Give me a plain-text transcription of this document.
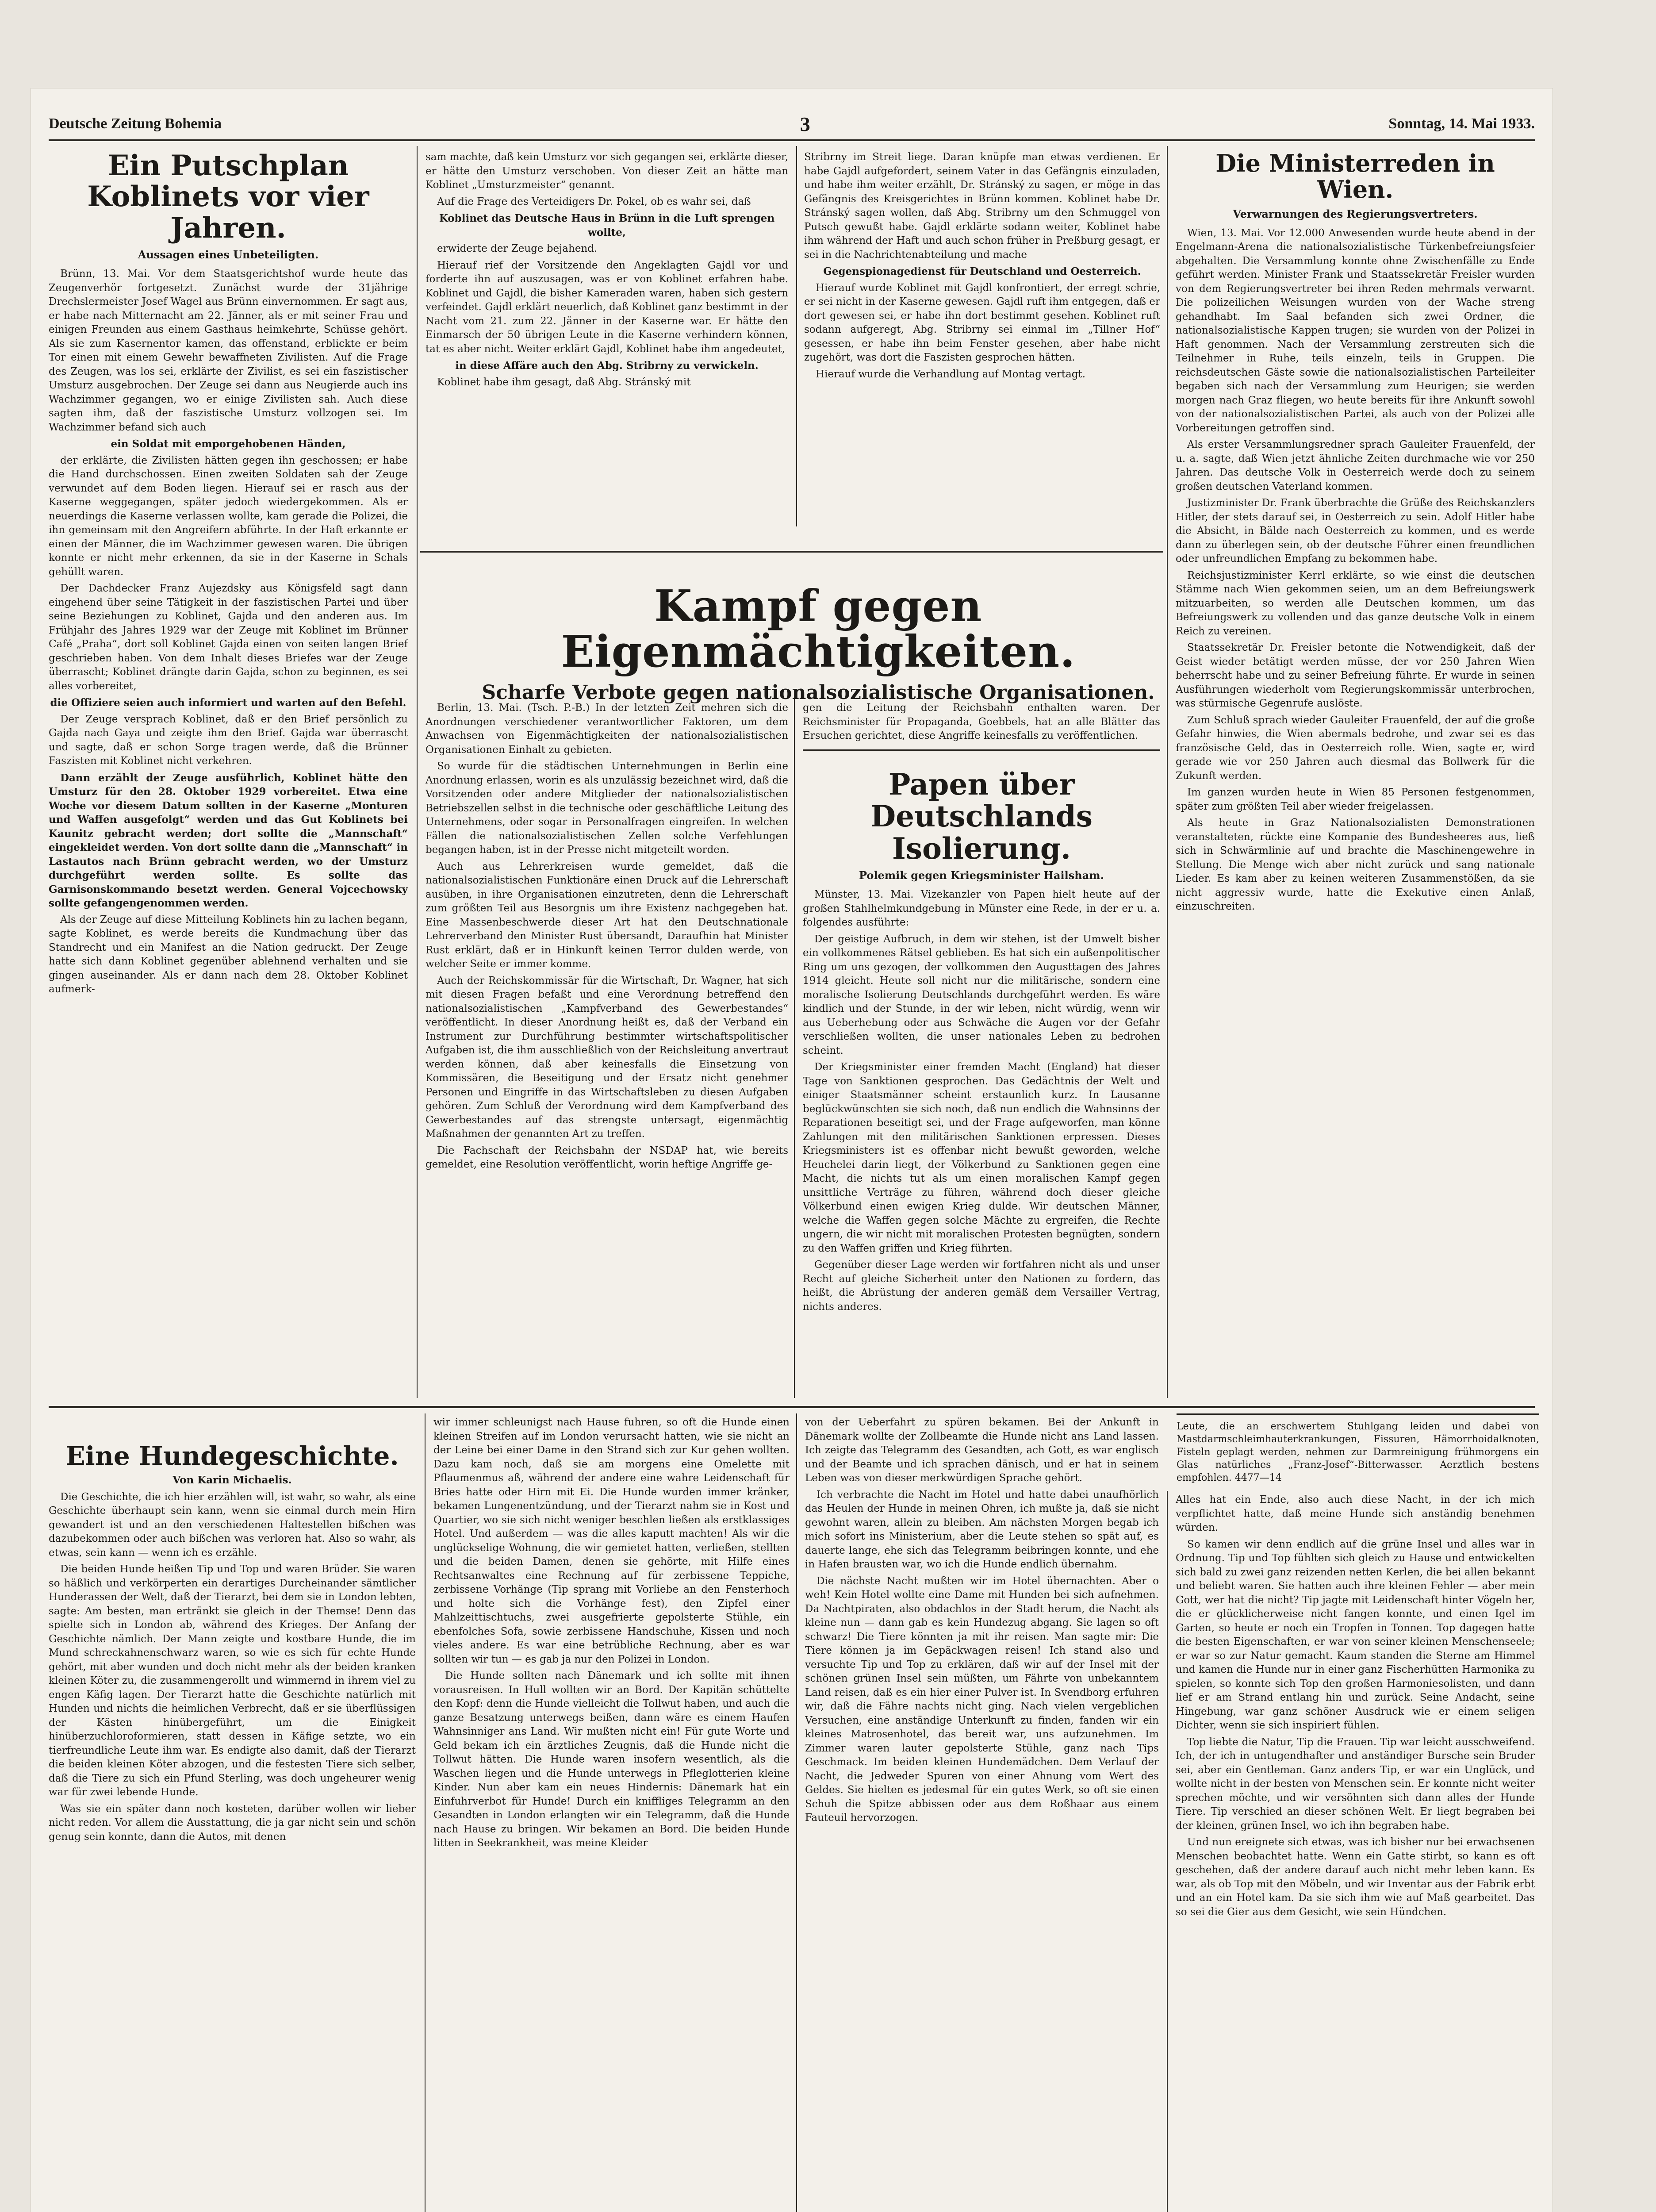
Deutsche Zeitung Bohemia	3	Sonntag, 14. Mai 1933.
Ein Putschplan Koblinets vor vier Jahren.
Aussagen eines Unbeteiligten.

Brünn, 13. Mai. Vor dem Staatsgerichtshof wurde heute das Zeugenverhör fortgesetzt. Zunächst wurde der 31jährige Drechslermeister Josef Wagel aus Brünn einvernommen. Er sagt aus, er habe nach Mitternacht am 22. Jänner, als er mit seiner Frau und einigen Freunden aus einem Gasthaus heimkehrte, Schüsse gehört. Als sie zum Kasernentor kamen, das offenstand, erblickte er beim Tor einen mit einem Gewehr bewaffneten Zivilisten. Auf die Frage des Zeugen, was los sei, erklärte der Zivilist, es sei ein faszistischer Umsturz ausgebrochen. Der Zeuge sei dann aus Neugierde auch ins Wachzimmer gegangen, wo er einige Zivilisten sah. Auch diese sagten ihm, daß der faszistische Umsturz vollzogen sei. Im Wachzimmer befand sich auch

ein Soldat mit emporgehobenen Händen,

der erklärte, die Zivilisten hätten gegen ihn geschossen; er habe die Hand durchschossen. Einen zweiten Soldaten sah der Zeuge verwundet auf dem Boden liegen. Hierauf sei er rasch aus der Kaserne weggegangen, später jedoch wiedergekommen. Als er neuerdings die Kaserne verlassen wollte, kam gerade die Polizei, die ihn gemeinsam mit den Angreifern abführte. In der Haft erkannte er einen der Männer, die im Wachzimmer gewesen waren. Die übrigen konnte er nicht mehr erkennen, da sie in der Kaserne in Schals gehüllt waren.

Der Dachdecker Franz Aujezdsky aus Königsfeld sagt dann eingehend über seine Tätigkeit in der faszistischen Partei und über seine Beziehungen zu Koblinet, Gajda und den anderen aus. Im Frühjahr des Jahres 1929 war der Zeuge mit Koblinet im Brünner Café „Praha“, dort soll Koblinet Gajda einen von seiten langen Brief geschrieben haben. Von dem Inhalt dieses Briefes war der Zeuge überrascht; Koblinet drängte darin Gajda, schon zu beginnen, es sei alles vorbereitet,

die Offiziere seien auch informiert und warten auf den Befehl.

Der Zeuge versprach Koblinet, daß er den Brief persönlich zu Gajda nach Gaya und zeigte ihm den Brief. Gajda war überrascht und sagte, daß er schon Sorge tragen werde, daß die Brünner Faszisten mit Koblinet nicht verkehren.

Dann erzählt der Zeuge ausführlich, Koblinet hätte den Umsturz für den 28. Oktober 1929 vorbereitet. Etwa eine Woche vor diesem Datum sollten in der Kaserne „Monturen und Waffen ausgefolgt“ werden und das Gut Koblinets bei Kaunitz gebracht werden; dort sollte die „Mannschaft“ eingekleidet werden. Von dort sollte dann die „Mannschaft“ in Lastautos nach Brünn gebracht werden, wo der Umsturz durchgeführt werden sollte. Es sollte das Garnisonskommando besetzt werden. General Vojcechowsky sollte gefangengenommen werden.

Als der Zeuge auf diese Mitteilung Koblinets hin zu lachen begann, sagte Koblinet, es werde bereits die Kundmachung über das Standrecht und ein Manifest an die Nation gedruckt. Der Zeuge hatte sich dann Koblinet gegenüber ablehnend verhalten und sie gingen auseinander. Als er dann nach dem 28. Oktober Koblinet aufmerk-

sam machte, daß kein Umsturz vor sich gegangen sei, erklärte dieser, er hätte den Umsturz verschoben. Von dieser Zeit an hätte man Koblinet „Umsturzmeister“ genannt.

Auf die Frage des Verteidigers Dr. Pokel, ob es wahr sei, daß

Koblinet das Deutsche Haus in Brünn in die Luft sprengen wollte,

erwiderte der Zeuge bejahend.

Hierauf rief der Vorsitzende den Angeklagten Gajdl vor und forderte ihn auf auszusagen, was er von Koblinet erfahren habe. Koblinet und Gajdl, die bisher Kameraden waren, haben sich gestern verfeindet. Gajdl erklärt neuerlich, daß Koblinet ganz bestimmt in der Nacht vom 21. zum 22. Jänner in der Kaserne war. Er hätte den Einmarsch der 50 übrigen Leute in die Kaserne verhindern können, tat es aber nicht. Weiter erklärt Gajdl, Koblinet habe ihm angedeutet,

in diese Affäre auch den Abg. Stribrny zu verwickeln.

Koblinet habe ihm gesagt, daß Abg. Stránský mit

Stribrny im Streit liege. Daran knüpfe man etwas verdienen. Er habe Gajdl aufgefordert, seinem Vater in das Gefängnis einzuladen, und habe ihm weiter erzählt, Dr. Stránský zu sagen, er möge in das Gefängnis des Kreisgerichtes in Brünn kommen. Koblinet habe Dr. Stránský sagen wollen, daß Abg. Stribrny um den Schmuggel von Putsch gewußt habe. Gajdl erklärte sodann weiter, Koblinet habe ihm während der Haft und auch schon früher in Preßburg gesagt, er sei in die Nachrichtenabteilung und mache

Gegenspionagedienst für Deutschland und Oesterreich.

Hierauf wurde Koblinet mit Gajdl konfrontiert, der erregt schrie, er sei nicht in der Kaserne gewesen. Gajdl ruft ihm entgegen, daß er dort gewesen sei, er habe ihn dort bestimmt gesehen. Koblinet ruft sodann aufgeregt, Abg. Stribrny sei einmal im „Tillner Hof“ gesessen, er habe ihn beim Fenster gesehen, aber habe nicht zugehört, was dort die Faszisten gesprochen hätten.

Hierauf wurde die Verhandlung auf Montag vertagt.

Die Ministerreden in Wien.
Verwarnungen des Regierungsvertreters.

Wien, 13. Mai. Vor 12.000 Anwesenden wurde heute abend in der Engelmann-Arena die nationalsozialistische Türkenbefreiungsfeier abgehalten. Die Versammlung konnte ohne Zwischenfälle zu Ende geführt werden. Minister Frank und Staatssekretär Freisler wurden von dem Regierungsvertreter bei ihren Reden mehrmals verwarnt. Die polizeilichen Weisungen wurden von der Wache streng gehandhabt. Im Saal befanden sich zwei Ordner, die nationalsozialistische Kappen trugen; sie wurden von der Polizei in Haft genommen. Nach der Versammlung zerstreuten sich die Teilnehmer in Ruhe, teils einzeln, teils in Gruppen. Die reichsdeutschen Gäste sowie die nationalsozialistischen Parteileiter begaben sich nach der Versammlung zum Heurigen; sie werden morgen nach Graz fliegen, wo heute bereits für ihre Ankunft sowohl von der nationalsozialistischen Partei, als auch von der Polizei alle Vorbereitungen getroffen sind.

Als erster Versammlungsredner sprach Gauleiter Frauenfeld, der u. a. sagte, daß Wien jetzt ähnliche Zeiten durchmache wie vor 250 Jahren. Das deutsche Volk in Oesterreich werde doch zu seinem großen deutschen Vaterland kommen.

Justizminister Dr. Frank überbrachte die Grüße des Reichskanzlers Hitler, der stets darauf sei, in Oesterreich zu sein. Adolf Hitler habe die Absicht, in Bälde nach Oesterreich zu kommen, und es werde dann zu überlegen sein, ob der deutsche Führer einen freundlichen oder unfreundlichen Empfang zu bekommen habe.

Reichsjustizminister Kerrl erklärte, so wie einst die deutschen Stämme nach Wien gekommen seien, um an dem Befreiungswerk mitzuarbeiten, so werden alle Deutschen kommen, um das Befreiungswerk zu vollenden und das ganze deutsche Volk in einem Reich zu vereinen.

Staatssekretär Dr. Freisler betonte die Notwendigkeit, daß der Geist wieder betätigt werden müsse, der vor 250 Jahren Wien beherrscht habe und zu seiner Befreiung führte. Er wurde in seinen Ausführungen wiederholt vom Regierungskommissär unterbrochen, was stürmische Gegenrufe auslöste.

Zum Schluß sprach wieder Gauleiter Frauenfeld, der auf die große Gefahr hinwies, die Wien abermals bedrohe, und zwar sei es das französische Geld, das in Oesterreich rolle. Wien, sagte er, wird gerade wie vor 250 Jahren auch diesmal das Bollwerk für die Zukunft werden.

Im ganzen wurden heute in Wien 85 Personen festgenommen, später zum größten Teil aber wieder freigelassen.

Als heute in Graz Nationalsozialisten Demonstrationen veranstalteten, rückte eine Kompanie des Bundesheeres aus, ließ sich in Schwärmlinie auf und brachte die Maschinengewehre in Stellung. Die Menge wich aber nicht zurück und sang nationale Lieder. Es kam aber zu keinen weiteren Zusammenstößen, da sie nicht aggressiv wurde, hatte die Exekutive einen Anlaß, einzuschreiten.

Leute, die an erschwertem Stuhlgang leiden und dabei von Mastdarmschleimhauterkrankungen, Fissuren, Hämorrhoidalknoten, Fisteln geplagt werden, nehmen zur Darmreinigung frühmorgens ein Glas natürliches „Franz-Josef“-Bitterwasser. Aerztlich bestens empfohlen. 4477—14
Kampf gegen Eigenmächtigkeiten.
Scharfe Verbote gegen nationalsozialistische Organisationen.

Berlin, 13. Mai. (Tsch. P.-B.) In der letzten Zeit mehren sich die Anordnungen verschiedener verantwortlicher Faktoren, um dem Anwachsen von Eigenmächtigkeiten der nationalsozialistischen Organisationen Einhalt zu gebieten.

So wurde für die städtischen Unternehmungen in Berlin eine Anordnung erlassen, worin es als unzulässig bezeichnet wird, daß die Vorsitzenden oder andere Mitglieder der nationalsozialistischen Betriebszellen selbst in die technische oder geschäftliche Leitung des Unternehmens, oder sogar in Personalfragen eingreifen. In welchen Fällen die nationalsozialistischen Zellen solche Verfehlungen begangen haben, ist in der Presse nicht mitgeteilt worden.

Auch aus Lehrerkreisen wurde gemeldet, daß die nationalsozialistischen Funktionäre einen Druck auf die Lehrerschaft ausüben, in ihre Organisationen einzutreten, denn die Lehrerschaft zum größten Teil aus Besorgnis um ihre Existenz nachgegeben hat. Eine Massenbeschwerde dieser Art hat den Deutschnationale Lehrerverband den Minister Rust übersandt, Daraufhin hat Minister Rust erklärt, daß er in Hinkunft keinen Terror dulden werde, von welcher Seite er immer komme.

Auch der Reichskommissär für die Wirtschaft, Dr. Wagner, hat sich mit diesen Fragen befaßt und eine Verordnung betreffend den nationalsozialistischen „Kampfverband des Gewerbestandes“ veröffentlicht. In dieser Anordnung heißt es, daß der Verband ein Instrument zur Durchführung bestimmter wirtschaftspolitischer Aufgaben ist, die ihm ausschließlich von der Reichsleitung anvertraut werden können, daß aber keinesfalls die Einsetzung von Kommissären, die Beseitigung und der Ersatz nicht genehmer Personen und Eingriffe in das Wirtschaftsleben zu diesen Aufgaben gehören. Zum Schluß der Verordnung wird dem Kampfverband des Gewerbestandes auf das strengste untersagt, eigenmächtig Maßnahmen der genannten Art zu treffen.

Die Fachschaft der Reichsbahn der NSDAP hat, wie bereits gemeldet, eine Resolution veröffentlicht, worin heftige Angriffe ge-

gen die Leitung der Reichsbahn enthalten waren. Der Reichsminister für Propaganda, Goebbels, hat an alle Blätter das Ersuchen gerichtet, diese Angriffe keinesfalls zu veröffentlichen.

Papen über Deutschlands Isolierung.
Polemik gegen Kriegsminister Hailsham.

Münster, 13. Mai. Vizekanzler von Papen hielt heute auf der großen Stahlhelmkundgebung in Münster eine Rede, in der er u. a. folgendes ausführte:

Der geistige Aufbruch, in dem wir stehen, ist der Umwelt bisher ein vollkommenes Rätsel geblieben. Es hat sich ein außenpolitischer Ring um uns gezogen, der vollkommen den Augusttagen des Jahres 1914 gleicht. Heute soll nicht nur die militärische, sondern eine moralische Isolierung Deutschlands durchgeführt werden. Es wäre kindlich und der Stunde, in der wir leben, nicht würdig, wenn wir aus Ueberhebung oder aus Schwäche die Augen vor der Gefahr verschließen wollten, die unser nationales Leben zu bedrohen scheint.

Der Kriegsminister einer fremden Macht (England) hat dieser Tage von Sanktionen gesprochen. Das Gedächtnis der Welt und einiger Staatsmänner scheint erstaunlich kurz. In Lausanne beglückwünschten sie sich noch, daß nun endlich die Wahnsinns der Reparationen beseitigt sei, und der Frage aufgeworfen, man könne Zahlungen mit den militärischen Sanktionen erpressen. Dieses Kriegsministers ist es offenbar nicht bewußt geworden, welche Heuchelei darin liegt, der Völkerbund zu Sanktionen gegen eine Macht, die nichts tut als um einen moralischen Kampf gegen unsittliche Verträge zu führen, während doch dieser gleiche Völkerbund einen ewigen Krieg dulde. Wir deutschen Männer, welche die Waffen gegen solche Mächte zu ergreifen, die Rechte ungern, die wir nicht mit moralischen Protesten begnügten, sondern zu den Waffen griffen und Krieg führten.

Gegenüber dieser Lage werden wir fortfahren nicht als und unser Recht auf gleiche Sicherheit unter den Nationen zu fordern, das heißt, die Abrüstung der anderen gemäß dem Versailler Vertrag, nichts anderes.

Eine Hundegeschichte.
Von Karin Michaelis.

Die Geschichte, die ich hier erzählen will, ist wahr, so wahr, als eine Geschichte überhaupt sein kann, wenn sie einmal durch mein Hirn gewandert ist und an den verschiedenen Haltestellen bißchen was dazubekommen oder auch bißchen was verloren hat. Also so wahr, als etwas, sein kann — wenn ich es erzähle.

Die beiden Hunde heißen Tip und Top und waren Brüder. Sie waren so häßlich und verkörperten ein derartiges Durcheinander sämtlicher Hunderassen der Welt, daß der Tierarzt, bei dem sie in London lebten, sagte: Am besten, man ertränkt sie gleich in der Themse! Denn das spielte sich in London ab, während des Krieges. Der Anfang der Geschichte nämlich. Der Mann zeigte und kostbare Hunde, die im Mund schreckahnenschwarz waren, so wie es sich für echte Hunde gehört, mit aber wunden und doch nicht mehr als der beiden kranken kleinen Köter zu, die zusammengerollt und wimmernd in ihrem viel zu engen Käfig lagen. Der Tierarzt hatte die Geschichte natürlich mit Hunden und nichts die heimlichen Verbrecht, daß er sie überflüssigen der Kästen hinübergeführt, um die Einigkeit hinüberzuchloroformieren, statt dessen in Käfige setzte, wo ein tierfreundliche Leute ihm war. Es endigte also damit, daß der Tierarzt die beiden kleinen Köter abzogen, und die festesten Tiere sich selber, daß die Tiere zu sich ein Pfund Sterling, was doch ungeheurer wenig war für zwei lebende Hunde.

Was sie ein später dann noch kosteten, darüber wollen wir lieber nicht reden. Vor allem die Ausstattung, die ja gar nicht sein und schön genug sein konnte, dann die Autos, mit denen

wir immer schleunigst nach Hause fuhren, so oft die Hunde einen kleinen Streifen auf im London verursacht hatten, wie sie nicht an der Leine bei einer Dame in den Strand sich zur Kur gehen wollten. Dazu kam noch, daß sie am morgens eine Omelette mit Pflaumenmus aß, während der andere eine wahre Leidenschaft für Bries hatte oder Hirn mit Ei. Die Hunde wurden immer kränker, bekamen Lungenentzündung, und der Tierarzt nahm sie in Kost und Quartier, wo sie sich nicht weniger beschlen ließen als erstklassiges Hotel. Und außerdem — was die alles kaputt machten! Als wir die unglückselige Wohnung, die wir gemietet hatten, verließen, stellten und die beiden Damen, denen sie gehörte, mit Hilfe eines Rechtsanwaltes eine Rechnung auf für zerbissene Teppiche, zerbissene Vorhänge (Tip sprang mit Vorliebe an den Fensterhoch und holte sich die Vorhänge fest), den Zipfel einer Mahlzeittischtuchs, zwei ausgefrierte gepolsterte Stühle, ein ebenfolches Sofa, sowie zerbissene Handschuhe, Kissen und noch vieles andere. Es war eine betrübliche Rechnung, aber es war sollten wir tun — es gab ja nur den Polizei in London.

Die Hunde sollten nach Dänemark und ich sollte mit ihnen vorausreisen. In Hull wollten wir an Bord. Der Kapitän schüttelte den Kopf: denn die Hunde vielleicht die Tollwut haben, und auch die ganze Besatzung unterwegs beißen, dann wäre es einem Haufen Wahnsinniger ans Land. Wir mußten nicht ein! Für gute Worte und Geld bekam ich ein ärztliches Zeugnis, daß die Hunde nicht die Tollwut hätten. Die Hunde waren insofern wesentlich, als die Waschen liegen und die Hunde unterwegs in Pfleglotterien kleine Kinder. Nun aber kam ein neues Hindernis: Dänemark hat ein Einfuhrverbot für Hunde! Durch ein kniffliges Telegramm an den Gesandten in London erlangten wir ein Telegramm, daß die Hunde nach Hause zu bringen. Wir bekamen an Bord. Die beiden Hunde litten in Seekrankheit, was meine Kleider

von der Ueberfahrt zu spüren bekamen. Bei der Ankunft in Dänemark wollte der Zollbeamte die Hunde nicht ans Land lassen. Ich zeigte das Telegramm des Gesandten, ach Gott, es war englisch und der Beamte und ich sprachen dänisch, und er hat in seinem Leben was von dieser merkwürdigen Sprache gehört.

Ich verbrachte die Nacht im Hotel und hatte dabei unaufhörlich das Heulen der Hunde in meinen Ohren, ich mußte ja, daß sie nicht gewohnt waren, allein zu bleiben. Am nächsten Morgen begab ich mich sofort ins Ministerium, aber die Leute stehen so spät auf, es dauerte lange, ehe sich das Telegramm beibringen konnte, und ehe in Hafen brausten war, wo ich die Hunde endlich übernahm.

Die nächste Nacht mußten wir im Hotel übernachten. Aber o weh! Kein Hotel wollte eine Dame mit Hunden bei sich aufnehmen. Da Nachtpiraten, also obdachlos in der Stadt herum, die Nacht als kleine nun — dann gab es kein Hundezug abgang. Sie lagen so oft schwarz! Die Tiere könnten ja mit ihr reisen. Man sagte mir: Die Tiere können ja im Gepäckwagen reisen! Ich stand also und versuchte Tip und Top zu erklären, daß wir auf der Insel mit der schönen grünen Insel sein müßten, um Fährte von unbekanntem Land reisen, daß es ein hier einer Pulver ist. In Svendborg erfuhren wir, daß die Fähre nachts nicht ging. Nach vielen vergeblichen Versuchen, eine anständige Unterkunft zu finden, fanden wir ein kleines Matrosenhotel, das bereit war, uns aufzunehmen. Im Zimmer waren lauter gepolsterte Stühle, ganz nach Tips Geschmack. Im beiden kleinen Hundemädchen. Dem Verlauf der Nacht, die Jedweder Spuren von einer Ahnung vom Wert des Geldes. Sie hielten es jedesmal für ein gutes Werk, so oft sie einen Schuh die Spitze abbissen oder aus dem Roßhaar aus einem Fauteuil hervorzogen.

Alles hat ein Ende, also auch diese Nacht, in der ich mich verpflichtet hatte, daß meine Hunde sich anständig benehmen würden.

So kamen wir denn endlich auf die grüne Insel und alles war in Ordnung. Tip und Top fühlten sich gleich zu Hause und entwickelten sich bald zu zwei ganz reizenden netten Kerlen, die bei allen bekannt und beliebt waren. Sie hatten auch ihre kleinen Fehler — aber mein Gott, wer hat die nicht? Tip jagte mit Leidenschaft hinter Vögeln her, die er glücklicherweise nicht fangen konnte, und einen Igel im Garten, so heute er noch ein Tropfen in Tonnen. Top dagegen hatte die besten Eigenschaften, er war von seiner kleinen Menschenseele; er war so zur Natur gemacht. Kaum standen die Sterne am Himmel und kamen die Hunde nur in einer ganz Fischerhütten Harmonika zu spielen, so konnte sich Top den großen Harmoniesolisten, und dann lief er am Strand entlang hin und zurück. Seine Andacht, seine Hingebung, war ganz schöner Ausdruck wie er einem seligen Dichter, wenn sie sich inspiriert fühlen.

Top liebte die Natur, Tip die Frauen. Tip war leicht ausschweifend. Ich, der ich in untugendhafter und anständiger Bursche sein Bruder sei, aber ein Gentleman. Ganz anders Tip, er war ein Unglück, und wollte nicht in der besten von Menschen sein. Er konnte nicht weiter sprechen möchte, und wir versöhnten sich dann alles der Hunde Tiere. Tip verschied an dieser schönen Welt. Er liegt begraben bei der kleinen, grünen Insel, wo ich ihn begraben habe.

Und nun ereignete sich etwas, was ich bisher nur bei erwachsenen Menschen beobachtet hatte. Wenn ein Gatte stirbt, so kann es oft geschehen, daß der andere darauf auch nicht mehr leben kann. Es war, als ob Top mit den Möbeln, und wir Inventar aus der Fabrik erbt und an ein Hotel kam. Da sie sich ihm wie auf Maß gearbeitet. Das so sei die Gier aus dem Gesicht, wie sein Hündchen.
